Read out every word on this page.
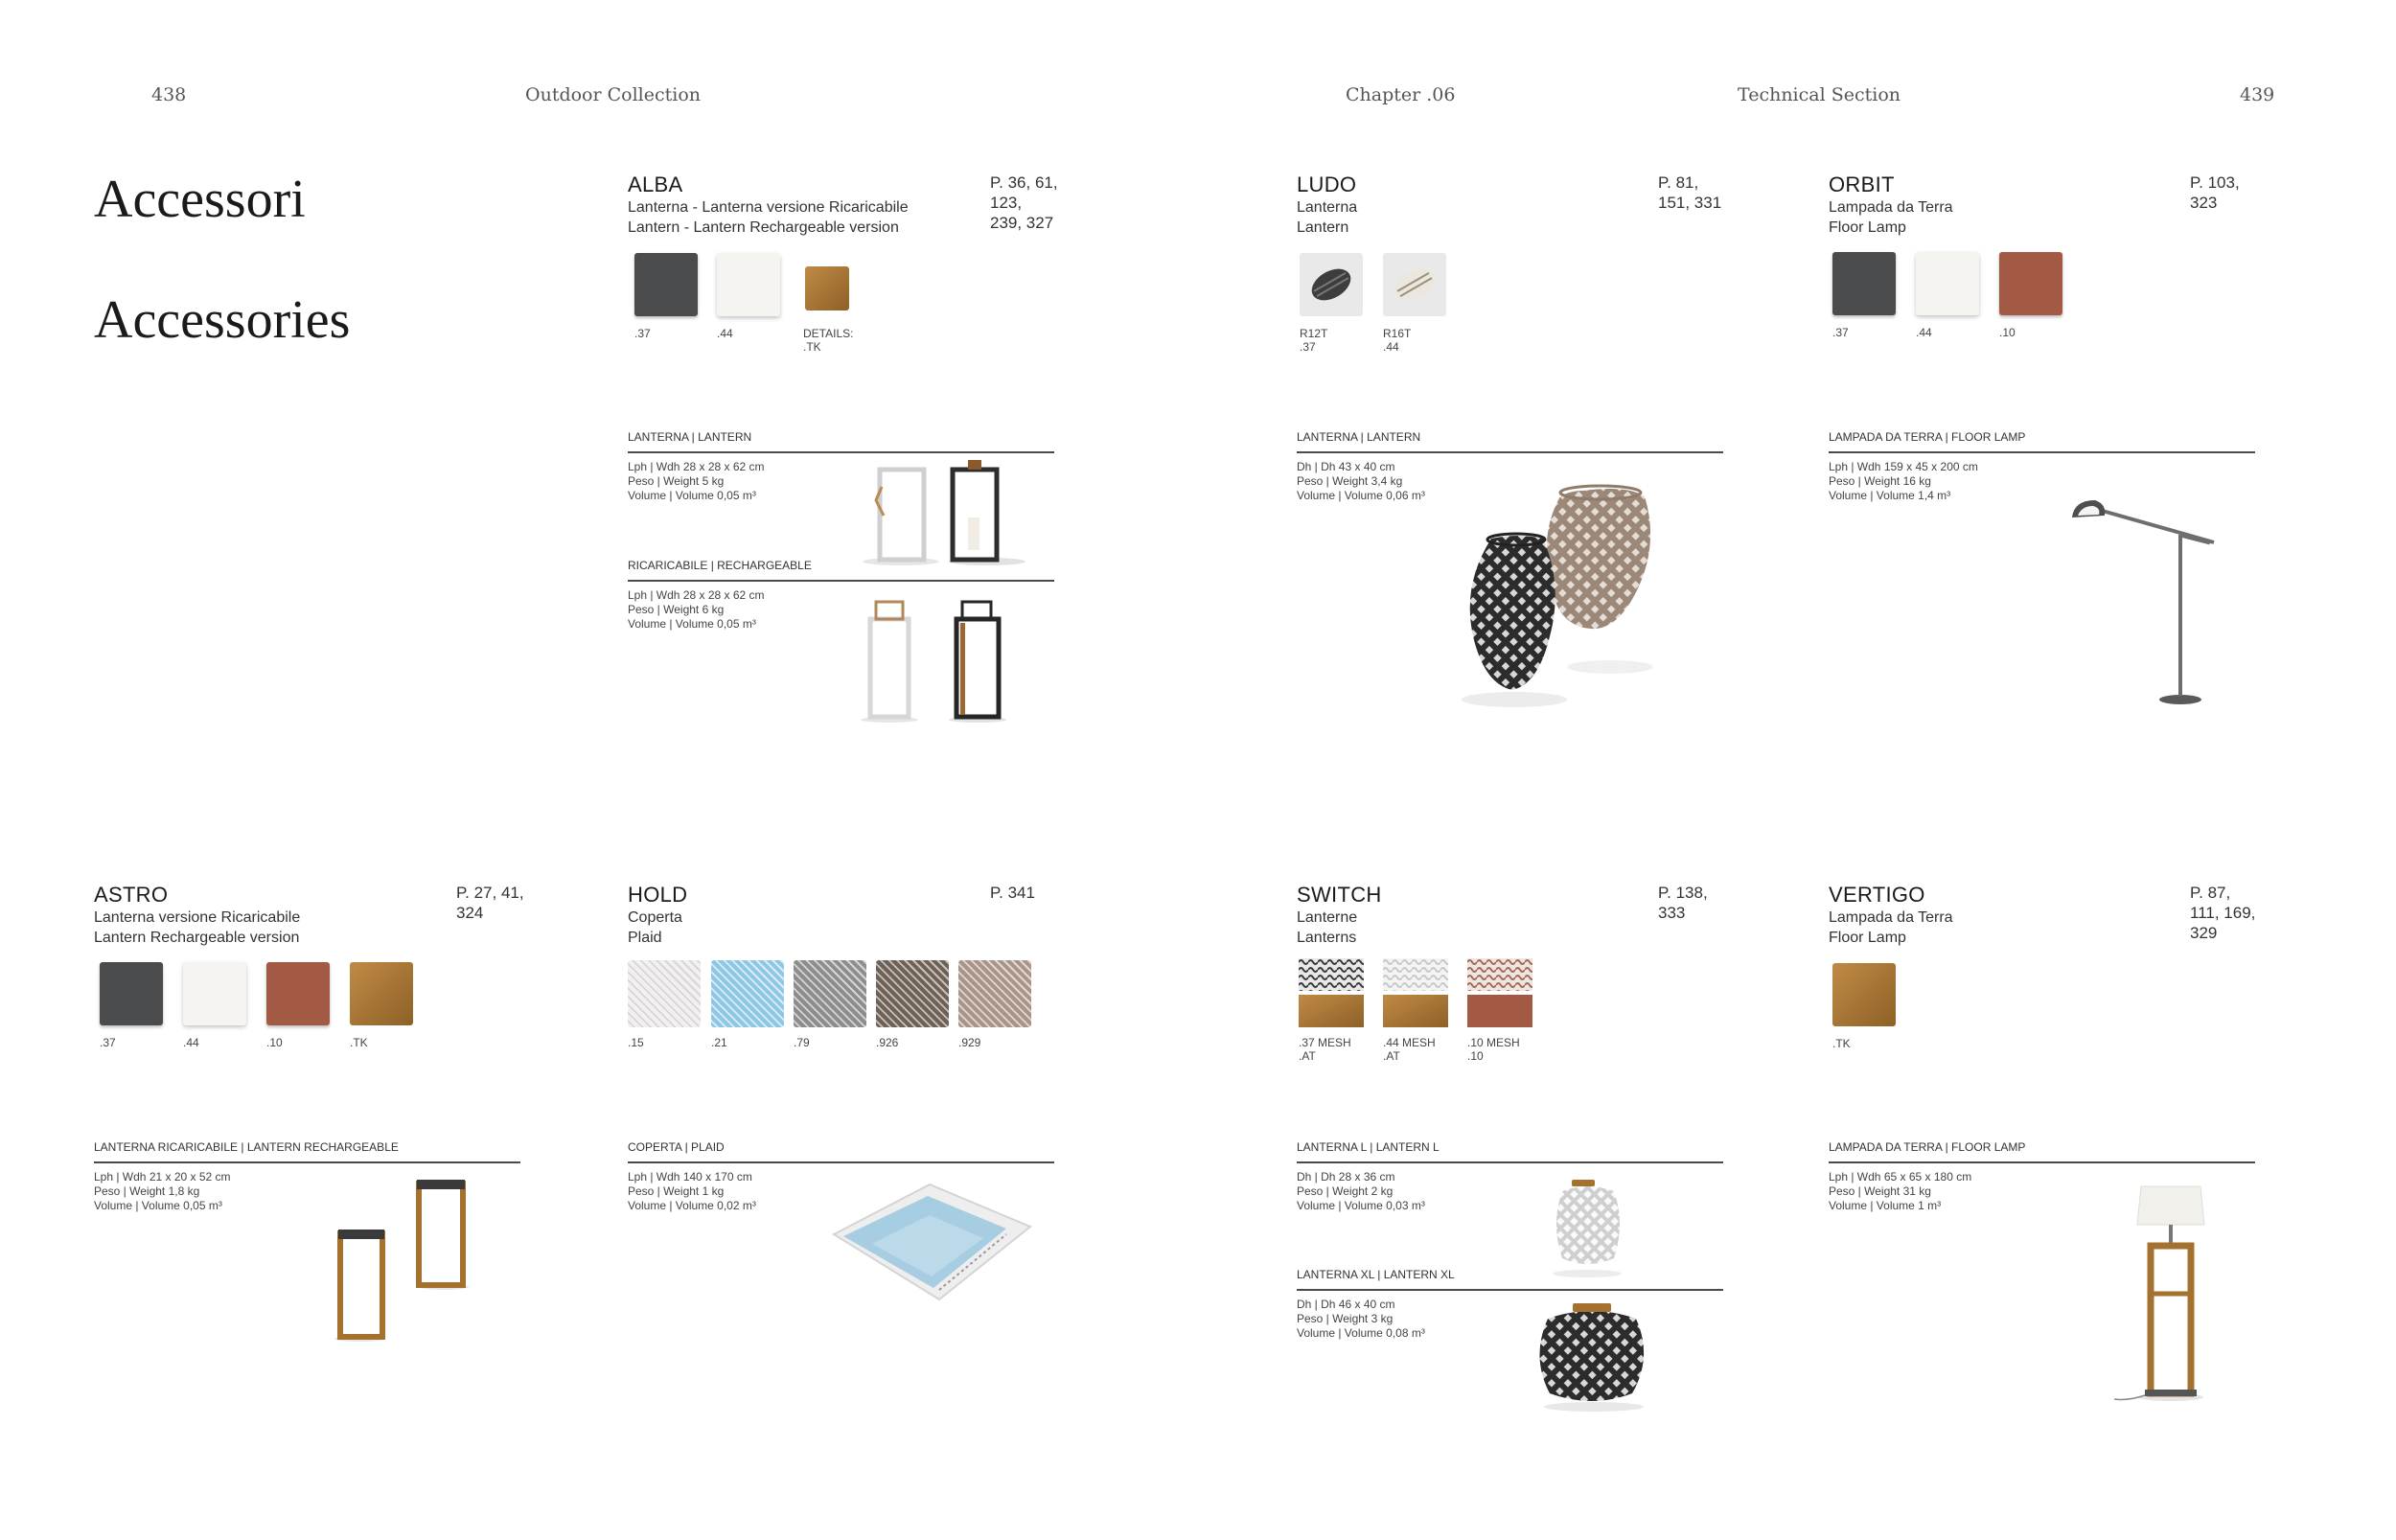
438	Outdoor Collection	Chapter .06	Technical Section	439
Accessori
Accessories
ALBA
Lanterna - Lanterna versione Ricaricabile
Lantern - Lantern Rechargeable version
P. 36, 61, 123,
239, 327
.37	.44	DETAILS:
.TK
LANTERNA | LANTERN
Lph | Wdh 28 x 28 x 62 cm
Peso | Weight 5 kg
Volume | Volume 0,05 m³
RICARICABILE | RECHARGEABLE
Lph | Wdh 28 x 28 x 62 cm
Peso | Weight 6 kg
Volume | Volume 0,05 m³
LUDO
Lanterna
Lantern
P. 81, 151, 331
R12T
.37
R16T
.44
LANTERNA | LANTERN
Dh | Dh 43 x 40 cm
Peso | Weight 3,4 kg
Volume | Volume 0,06 m³
ORBIT
Lampada da Terra
Floor Lamp
P. 103, 323
.37	.44	.10
LAMPADA DA TERRA | FLOOR LAMP
Lph | Wdh 159 x 45 x 200 cm
Peso | Weight 16 kg
Volume | Volume 1,4 m³
ASTRO
Lanterna versione Ricaricabile
Lantern Rechargeable version
P. 27, 41, 324
.37	.44	.10	.TK
LANTERNA RICARICABILE | LANTERN RECHARGEABLE
Lph | Wdh 21 x 20 x 52 cm
Peso | Weight 1,8 kg
Volume | Volume 0,05 m³
HOLD
Coperta
Plaid
P. 341
.15	.21	.79	.926	.929
COPERTA | PLAID
Lph | Wdh 140 x 170 cm
Peso | Weight 1 kg
Volume | Volume 0,02 m³
SWITCH
Lanterne
Lanterns
P. 138, 333
.37 MESH
.AT
.44 MESH
.AT
.10 MESH
.10
LANTERNA L | LANTERN L
Dh | Dh 28 x 36 cm
Peso | Weight 2 kg
Volume | Volume 0,03 m³
LANTERNA XL | LANTERN XL
Dh | Dh 46 x 40 cm
Peso | Weight 3 kg
Volume | Volume 0,08 m³
VERTIGO
Lampada da Terra
Floor Lamp
P. 87, 111, 169,
329
.TK
LAMPADA DA TERRA | FLOOR LAMP
Lph | Wdh 65 x 65 x 180 cm
Peso | Weight 31 kg
Volume | Volume 1 m³
